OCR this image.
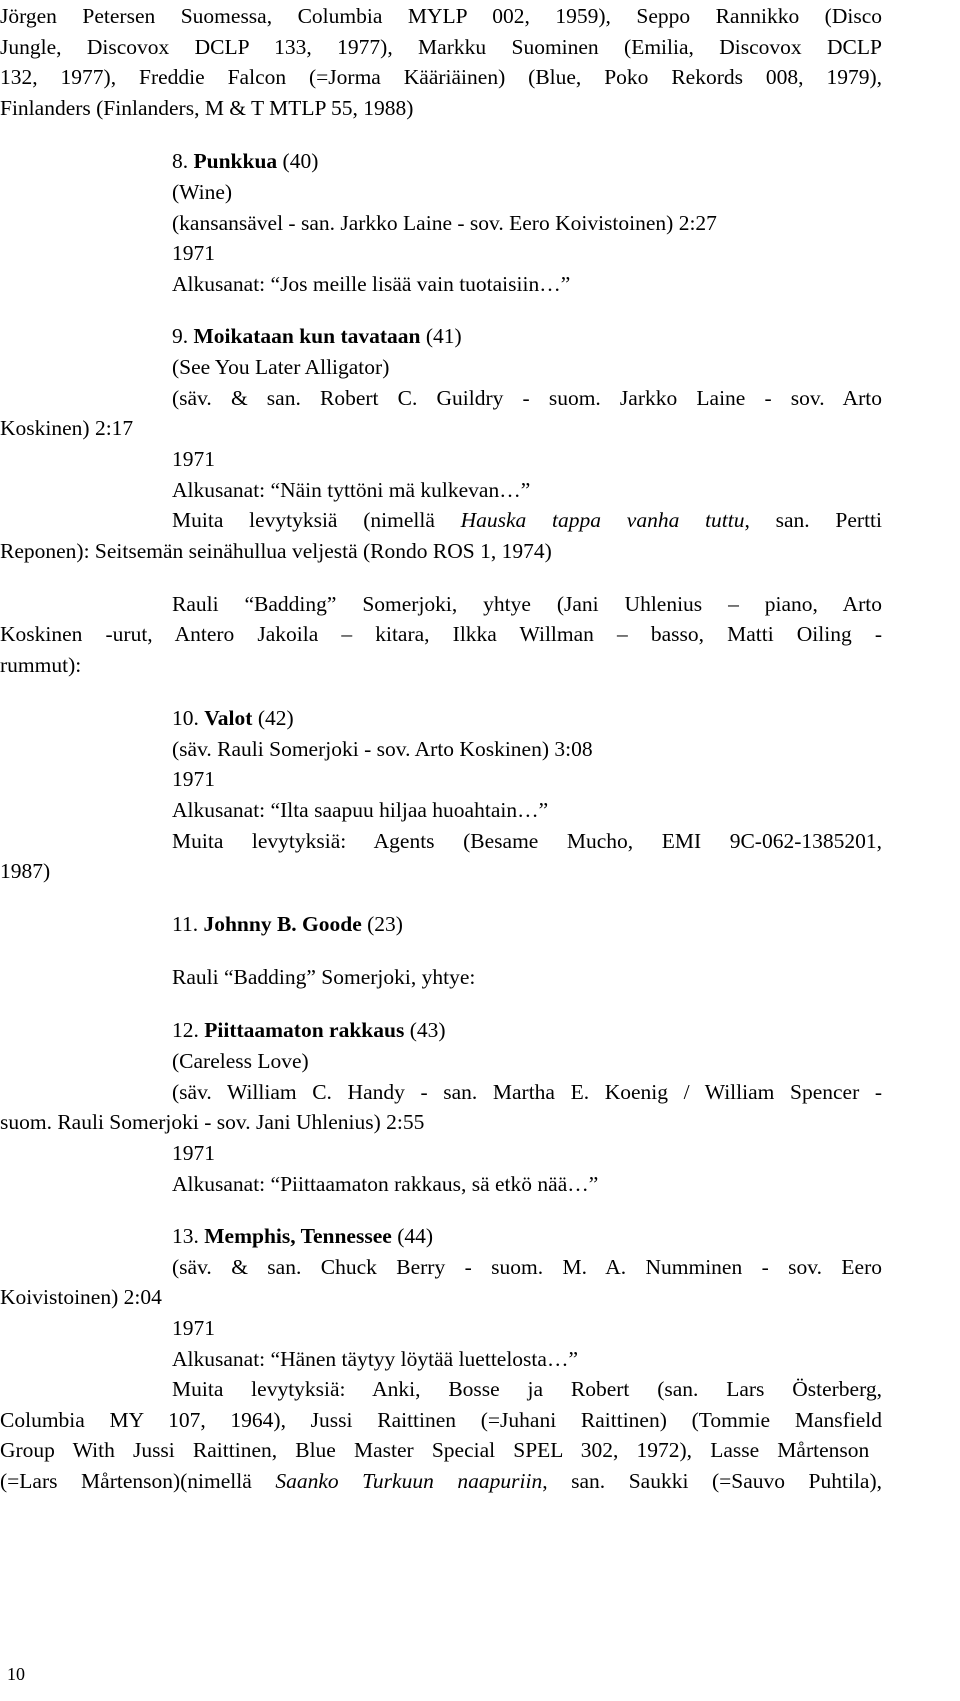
Jörgen Petersen Suomessa, Columbia MYLP 002, 1959), Seppo Rannikko (Disco
Jungle, Discovox DCLP 133, 1977), Markku Suominen (Emilia, Discovox DCLP
132, 1977), Freddie Falcon (=Jorma Kääriäinen) (Blue, Poko Rekords 008, 1979),
Finlanders (Finlanders, M & T MTLP 55, 1988)
8. Punkkua (40)
(Wine)
(kansansävel - san. Jarkko Laine - sov. Eero Koivistoinen) 2:27
1971
Alkusanat: “Jos meille lisää vain tuotaisiin…”
9. Moikataan kun tavataan (41)
(See You Later Alligator)
(säv. & san. Robert C. Guildry - suom. Jarkko Laine - sov. Arto
Koskinen) 2:17
1971
Alkusanat: “Näin tyttöni mä kulkevan…”
Muita levytyksiä (nimellä Hauska tappa vanha tuttu, san. Pertti
Reponen): Seitsemän seinähullua veljestä (Rondo ROS 1, 1974)
Rauli “Badding” Somerjoki, yhtye (Jani Uhlenius – piano, Arto
Koskinen -urut, Antero Jakoila – kitara, Ilkka Willman – basso, Matti Oiling -
rummut):
10. Valot (42)
(säv. Rauli Somerjoki - sov. Arto Koskinen) 3:08
1971
Alkusanat: “Ilta saapuu hiljaa huoahtain…”
Muita levytyksiä: Agents (Besame Mucho, EMI 9C-062-1385201,
1987)
11. Johnny B. Goode (23)
Rauli “Badding” Somerjoki, yhtye:
12. Piittaamaton rakkaus (43)
(Careless Love)
(säv. William C. Handy - san. Martha E. Koenig / William Spencer -
suom. Rauli Somerjoki - sov. Jani Uhlenius) 2:55
1971
Alkusanat: “Piittaamaton rakkaus, sä etkö nää…”
13. Memphis, Tennessee (44)
(säv. & san. Chuck Berry - suom. M. A. Numminen - sov. Eero
Koivistoinen) 2:04
1971
Alkusanat: “Hänen täytyy löytää luettelosta…”
Muita levytyksiä: Anki, Bosse ja Robert (san. Lars Österberg,
Columbia MY 107, 1964), Jussi Raittinen (=Juhani Raittinen) (Tommie Mansfield
Group With Jussi Raittinen, Blue Master Special SPEL 302, 1972), Lasse Mårtenson
(=Lars Mårtenson)(nimellä Saanko Turkuun naapuriin, san. Saukki (=Sauvo Puhtila),
10
